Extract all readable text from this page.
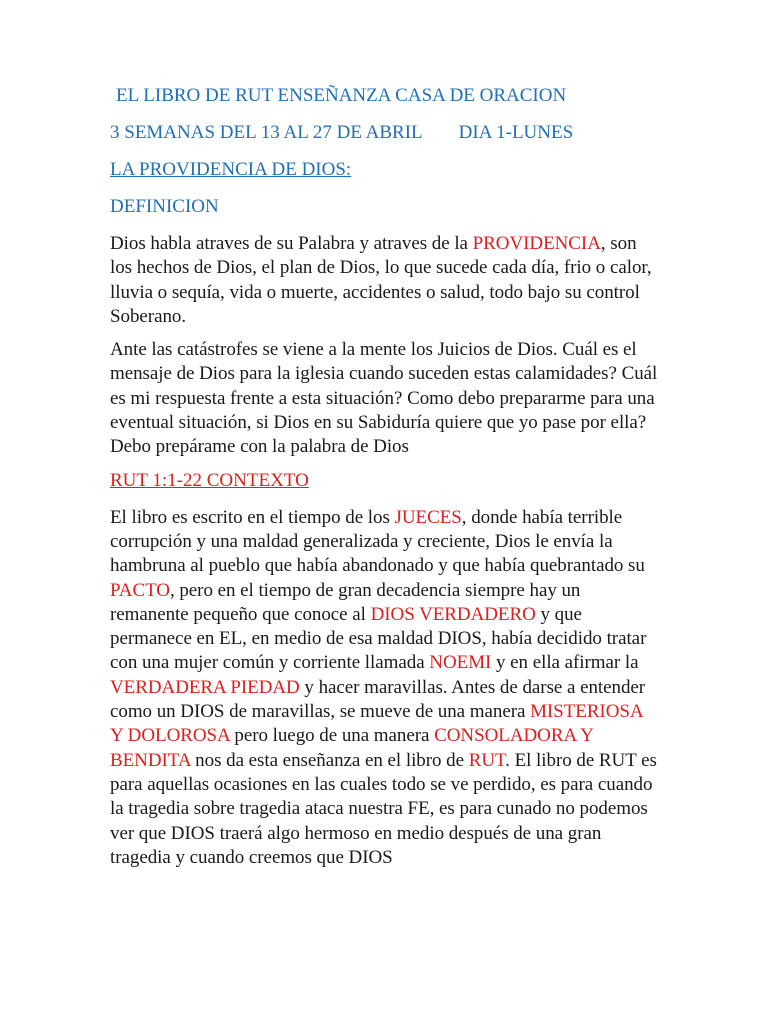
EL LIBRO DE RUT ENSEÑANZA CASA DE ORACION
3 SEMANAS DEL 13 AL 27 DE ABRIL DIA 1-LUNES
LA PROVIDENCIA DE DIOS:
DEFINICION

Dios habla atraves de su Palabra y atraves de la PROVIDENCIA, son los hechos de Dios, el plan de Dios, lo que sucede cada día, frio o calor, lluvia o sequía, vida o muerte, accidentes o salud, todo bajo su control Soberano.

Ante las catástrofes se viene a la mente los Juicios de Dios. Cuál es el mensaje de Dios para la iglesia cuando suceden estas calamidades? Cuál es mi respuesta frente a esta situación? Como debo prepararme para una eventual situación, si Dios en su Sabiduría quiere que yo pase por ella? Debo prepárame con la palabra de Dios

RUT 1:1-22 CONTEXTO

El libro es escrito en el tiempo de los JUECES, donde había terrible corrupción y una maldad generalizada y creciente, Dios le envía la hambruna al pueblo que había abandonado y que había quebrantado su PACTO, pero en el tiempo de gran decadencia siempre hay un remanente pequeño que conoce al DIOS VERDADERO y que permanece en EL, en medio de esa maldad DIOS, había decidido tratar con una mujer común y corriente llamada NOEMI y en ella afirmar la VERDADERA PIEDAD y hacer maravillas. Antes de darse a entender como un DIOS de maravillas, se mueve de una manera MISTERIOSA Y DOLOROSA pero luego de una manera CONSOLADORA Y BENDITA nos da esta enseñanza en el libro de RUT. El libro de RUT es para aquellas ocasiones en las cuales todo se ve perdido, es para cuando la tragedia sobre tragedia ataca nuestra FE, es para cunado no podemos ver que DIOS traerá algo hermoso en medio después de una gran tragedia y cuando creemos que DIOS
